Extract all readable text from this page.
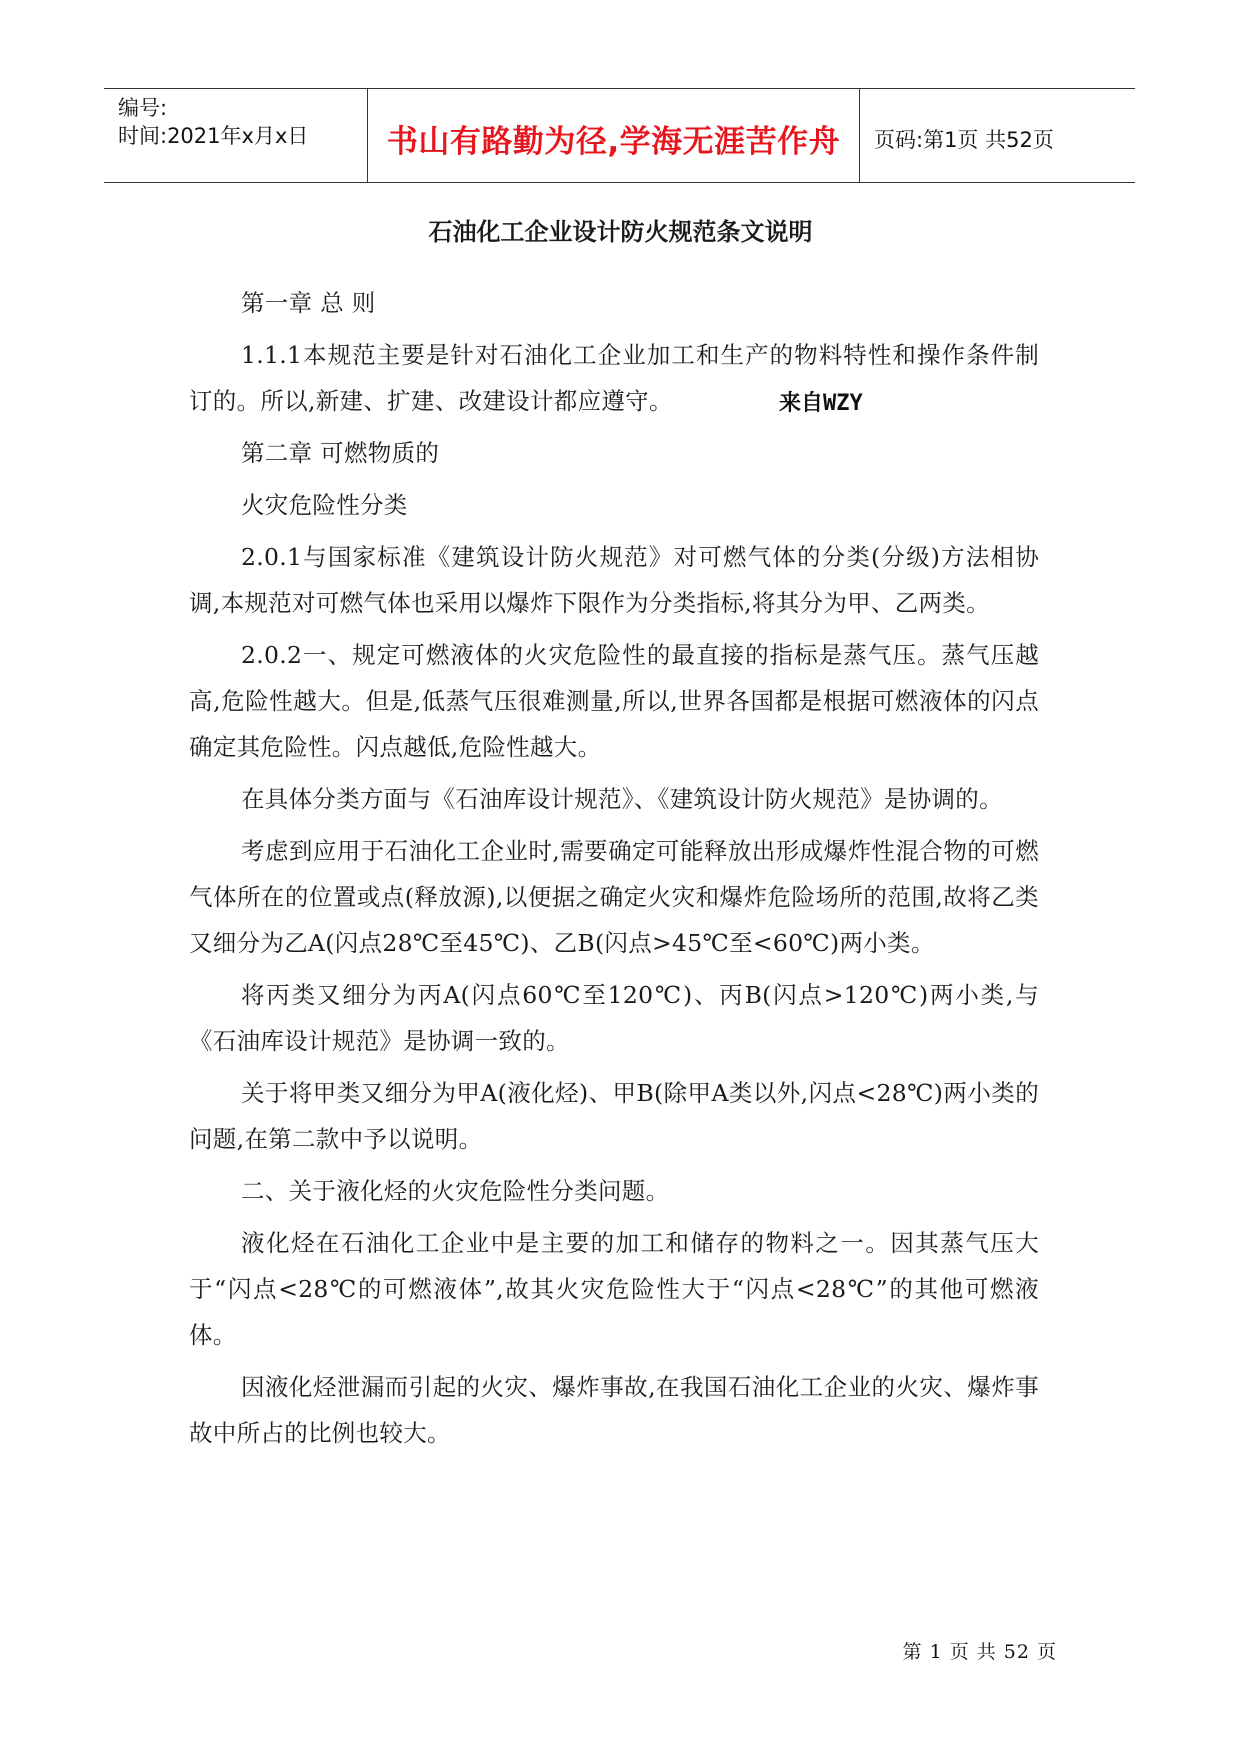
编号:
时间:2021年x月x日	书山有路勤为径,学海无涯苦作舟	页码:第1页 共52页
石油化工企业设计防火规范条文说明

第一章 总 则

1.1.1本规范主要是针对石油化工企业加工和生产的物料特性和操作条件制订的。所以,新建、扩建、改建设计都应遵守。

第二章 可燃物质的

火灾危险性分类

2.0.1与国家标准《建筑设计防火规范》对可燃气体的分类(分级)方法相协调,本规范对可燃气体也采用以爆炸下限作为分类指标,将其分为甲、乙两类。

2.0.2一、规定可燃液体的火灾危险性的最直接的指标是蒸气压。蒸气压越高,危险性越大。但是,低蒸气压很难测量,所以,世界各国都是根据可燃液体的闪点确定其危险性。闪点越低,危险性越大。

在具体分类方面与《石油库设计规范》、《建筑设计防火规范》是协调的。

考虑到应用于石油化工企业时,需要确定可能释放出形成爆炸性混合物的可燃气体所在的位置或点(释放源),以便据之确定火灾和爆炸危险场所的范围,故将乙类又细分为乙A(闪点28℃至45℃)、乙B(闪点>45℃至<60℃)两小类。

将丙类又细分为丙A(闪点60℃至120℃)、丙B(闪点>120℃)两小类,与《石油库设计规范》是协调一致的。

关于将甲类又细分为甲A(液化烃)、甲B(除甲A类以外,闪点<28℃)两小类的问题,在第二款中予以说明。

二、关于液化烃的火灾危险性分类问题。

液化烃在石油化工企业中是主要的加工和储存的物料之一。因其蒸气压大于“闪点<28℃的可燃液体”,故其火灾危险性大于“闪点<28℃”的其他可燃液体。

因液化烃泄漏而引起的火灾、爆炸事故,在我国石油化工企业的火灾、爆炸事故中所占的比例也较大。

来自WZY
第 1 页 共 52 页
